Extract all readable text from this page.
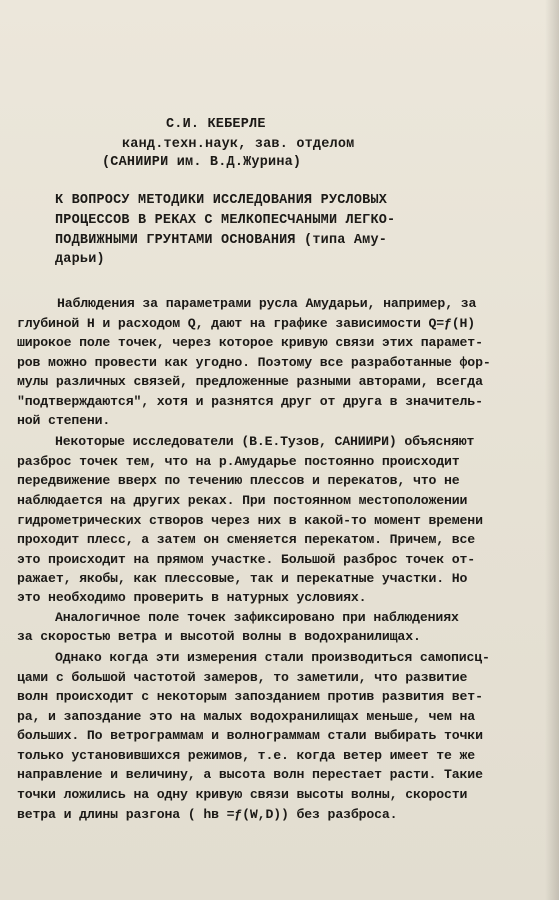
С.И. КЕБЕРЛЕ
канд.техн.наук, зав. отделом
(САНИИРИ им. В.Д.Журина)
К ВОПРОСУ МЕТОДИКИ ИССЛЕДОВАНИЯ РУСЛОВЫХ
ПРОЦЕССОВ В РЕКАХ С МЕЛКОПЕСЧАНЫМИ ЛЕГКО-
ПОДВИЖНЫМИ ГРУНТАМИ ОСНОВАНИЯ (типа Аму-
дарьи)
Наблюдения за параметрами русла Амударьи, например, за
глубиной H и расходом Q, дают на графике зависимости Q=ƒ(H)
широкое поле точек, через которое кривую связи этих парамет-
ров можно провести как угодно. Поэтому все разработанные фор-
мулы различных связей, предложенные разными авторами, всегда
"подтверждаются", хотя и разнятся друг от друга в значитель-
ной степени.
Некоторые исследователи (В.Е.Тузов, САНИИРИ) объясняют
разброс точек тем, что на р.Амударье постоянно происходит
передвижение вверх по течению плессов и перекатов, что не
наблюдается на других реках. При постоянном местоположении
гидрометрических створов через них в какой-то момент времени
проходит плесс, а затем он сменяется перекатом. Причем, все
это происходит на прямом участке. Большой разброс точек от-
ражает, якобы, как плессовые, так и перекатные участки. Но
это необходимо проверить в натурных условиях.
Аналогичное поле точек зафиксировано при наблюдениях
за скоростью ветра и высотой волны в водохранилищах.
Однако когда эти измерения стали производиться самописц-
цами с большой частотой замеров, то заметили, что развитие
волн происходит с некоторым запозданием против развития вет-
ра, и запоздание это на малых водохранилищах меньше, чем на
больших. По ветрограммам и волнограммам стали выбирать точки
только установившихся режимов, т.е. когда ветер имеет те же
направление и величину, а высота волн перестает расти. Такие
точки ложились на одну кривую связи высоты волны, скорости
ветра и длины разгона ( hв =ƒ(W,D)) без разброса.
